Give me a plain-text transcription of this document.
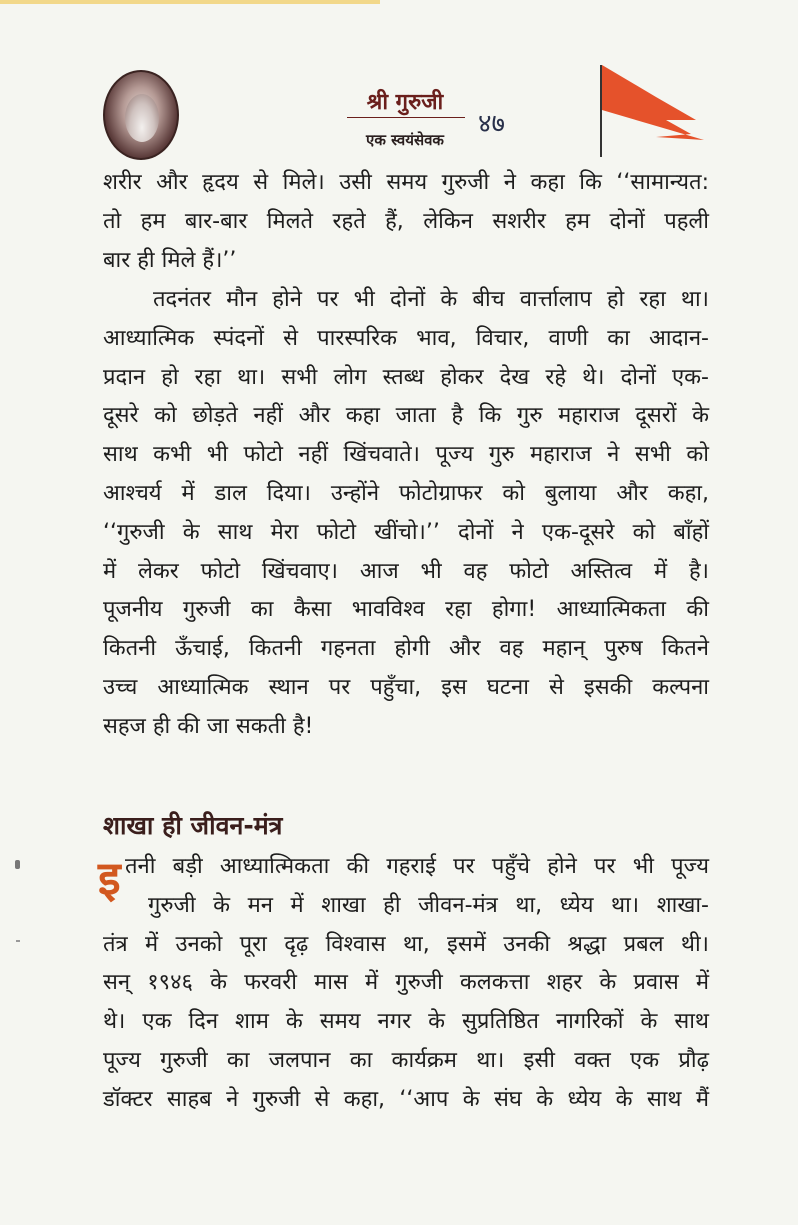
श्री गुरुजी
एक स्वयंसेवक
४७
शरीर और हृदय से मिले। उसी समय गुरुजी ने कहा कि ‘‘सामान्यत:
तो हम बार-बार मिलते रहते हैं, लेकिन सशरीर हम दोनों पहली
बार ही मिले हैं।’’
तदनंतर मौन होने पर भी दोनों के बीच वार्त्तालाप हो रहा था।
आध्यात्मिक स्पंदनों से पारस्परिक भाव, विचार, वाणी का आदान-
प्रदान हो रहा था। सभी लोग स्तब्ध होकर देख रहे थे। दोनों एक-
दूसरे को छोड़ते नहीं और कहा जाता है कि गुरु महाराज दूसरों के
साथ कभी भी फोटो नहीं खिंचवाते। पूज्य गुरु महाराज ने सभी को
आश्चर्य में डाल दिया। उन्होंने फोटोग्राफर को बुलाया और कहा,
‘‘गुरुजी के साथ मेरा फोटो खींचो।’’ दोनों ने एक-दूसरे को बाँहों
में लेकर फोटो खिंचवाए। आज भी वह फोटो अस्तित्व में है।
पूजनीय गुरुजी का कैसा भावविश्‍व रहा होगा! आध्यात्मिकता की
कितनी ऊँचाई, कितनी गहनता होगी और वह महान् पुरुष कितने
उच्च आध्यात्मिक स्थान पर पहुँचा, इस घटना से इसकी कल्पना
सहज ही की जा सकती है!
शाखा ही जीवन-मंत्र
इ तनी बड़ी आध्यात्मिकता की गहराई पर पहुँचे होने पर भी पूज्य
गुरुजी के मन में शाखा ही जीवन-मंत्र था, ध्येय था। शाखा-
तंत्र में उनको पूरा दृढ़ विश्‍वास था, इसमें उनकी श्रद्धा प्रबल थी।
सन् १९४६ के फरवरी मास में गुरुजी कलकत्ता शहर के प्रवास में
थे। एक दिन शाम के समय नगर के सुप्रतिष्ठित नागरिकों के साथ
पूज्य गुरुजी का जलपान का कार्यक्रम था। इसी वक्त एक प्रौढ़
डॉक्टर साहब ने गुरुजी से कहा, ‘‘आप के संघ के ध्येय के साथ मैं
